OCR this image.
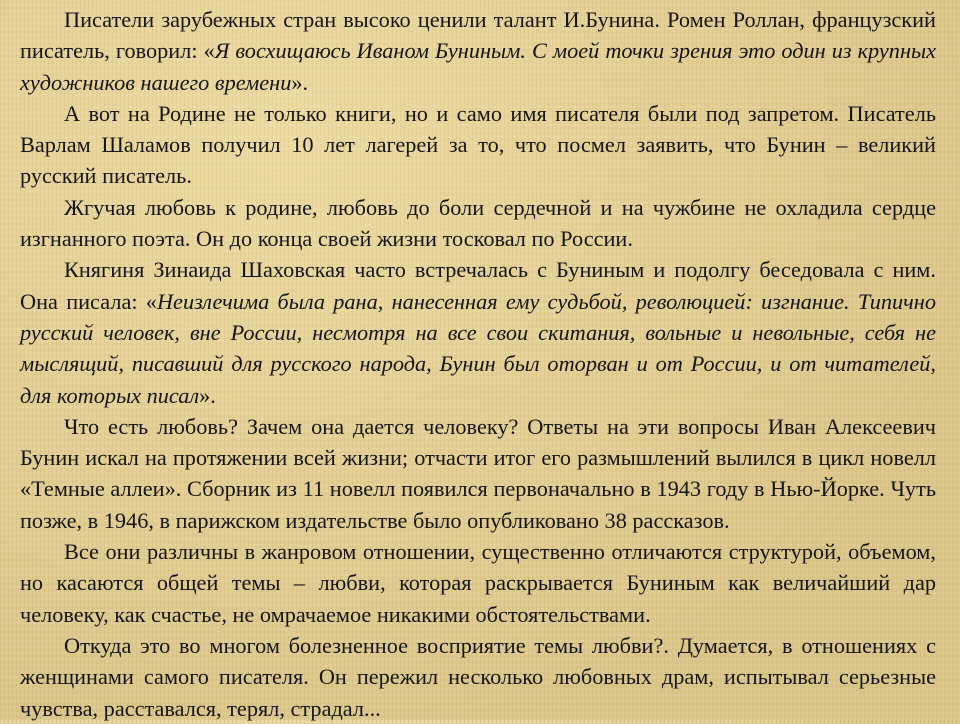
Писатели зарубежных стран высоко ценили талант И.Бунина. Ромен Роллан, французский писатель, говорил: «Я восхищаюсь Иваном Буниным. С моей точки зрения это один из крупных художников нашего времени».

А вот на Родине не только книги, но и само имя писателя были под запретом. Писатель Варлам Шаламов получил 10 лет лагерей за то, что посмел заявить, что Бунин – великий русский писатель.

Жгучая любовь к родине, любовь до боли сердечной и на чужбине не охладила сердце изгнанного поэта. Он до конца своей жизни тосковал по России.

Княгиня Зинаида Шаховская часто встречалась с Буниным и подолгу беседовала с ним. Она писала: «Неизлечима была рана, нанесенная ему судьбой, революцией: изгнание. Типично русский человек, вне России, несмотря на все свои скитания, вольные и невольные, себя не мыслящий, писавший для русского народа, Бунин был оторван и от России, и от читателей, для которых писал».

Что есть любовь? Зачем она дается человеку? Ответы на эти вопросы Иван Алексеевич Бунин искал на протяжении всей жизни; отчасти итог его размышлений вылился в цикл новелл «Темные аллеи». Сборник из 11 новелл появился первоначально в 1943 году в Нью-Йорке. Чуть позже, в 1946, в парижском издательстве было опубликовано 38 рассказов.

Все они различны в жанровом отношении, существенно отличаются структурой, объемом, но касаются общей темы – любви, которая раскрывается Буниным как величайший дар человеку, как счастье, не омрачаемое никакими обстоятельствами.

Откуда это во многом болезненное восприятие темы любви?. Думается, в отношениях с женщинами самого писателя. Он пережил несколько любовных драм, испытывал серьезные чувства, расставался, терял, страдал...
